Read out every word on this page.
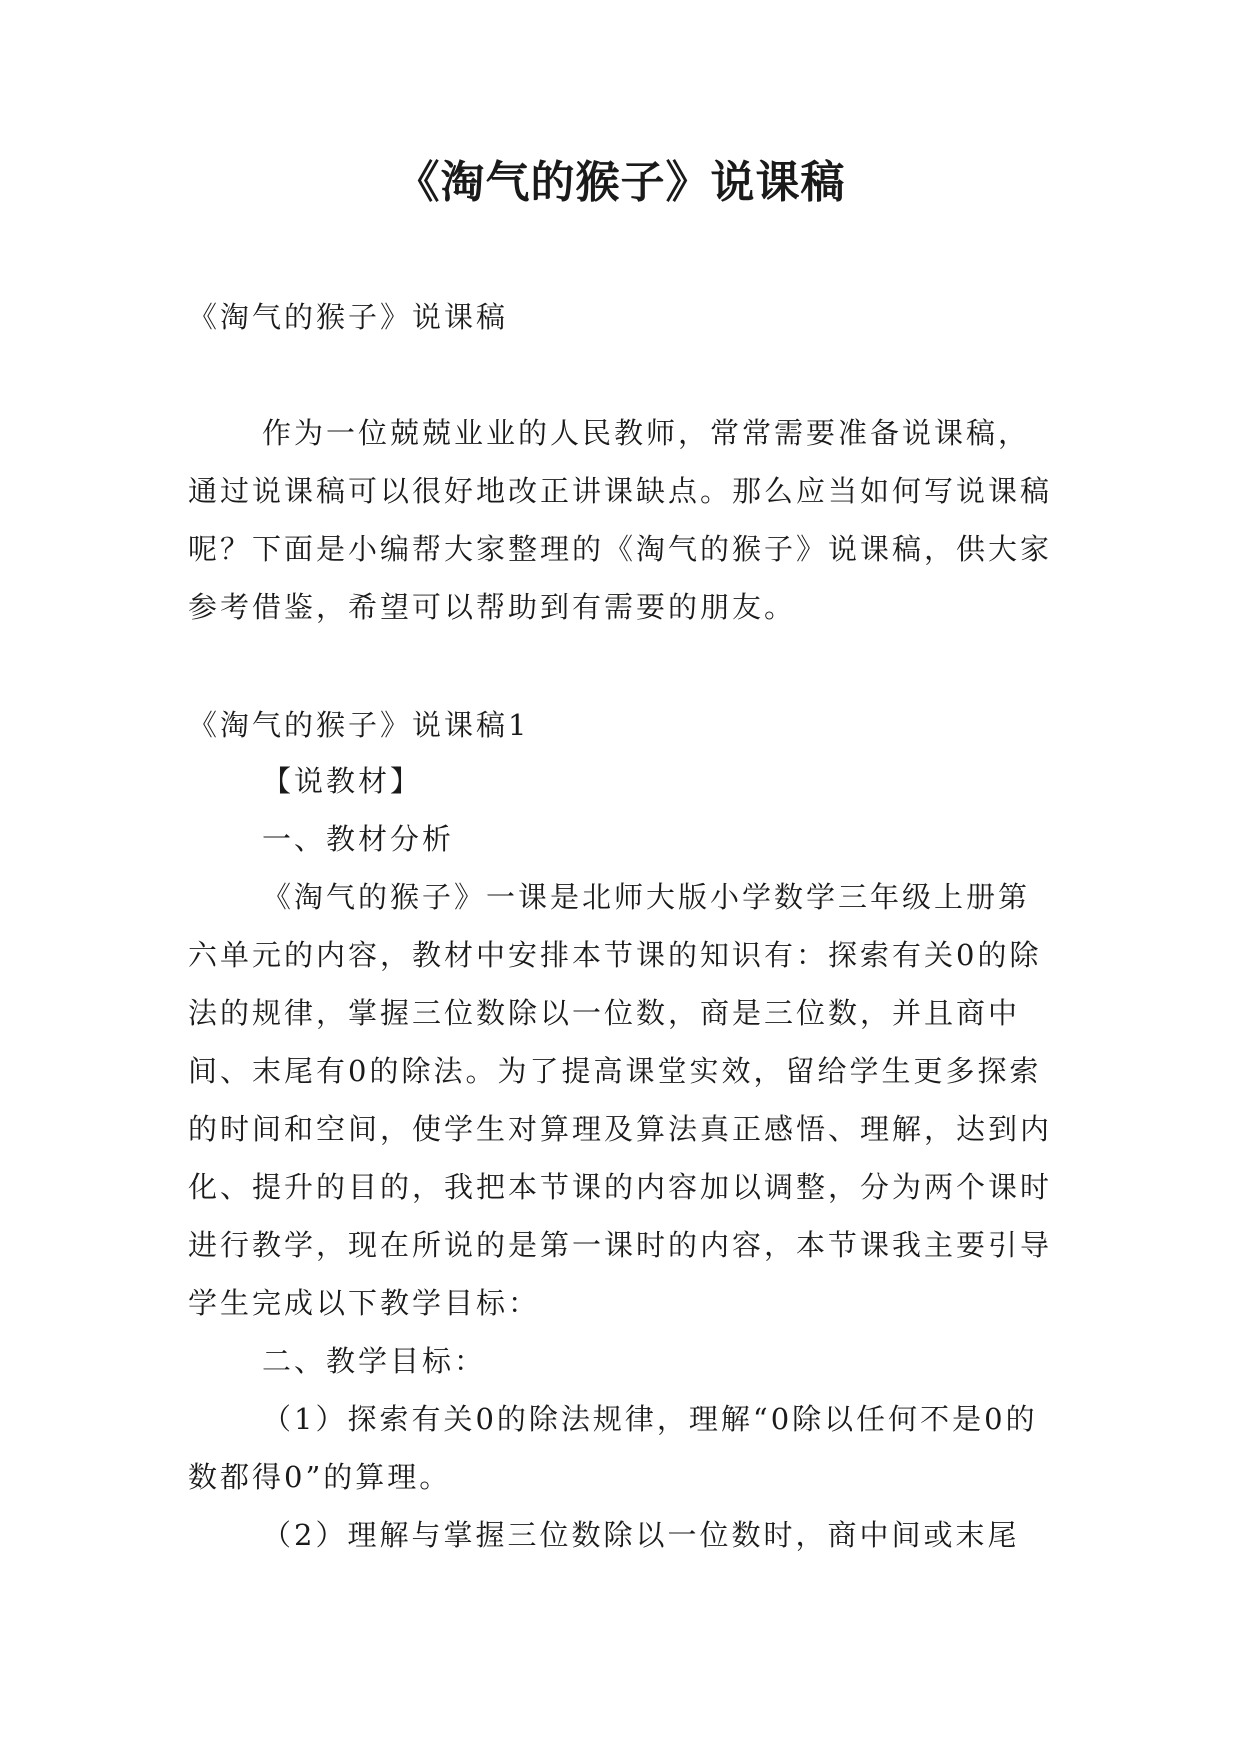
《淘气的猴子》说课稿

《淘气的猴子》说课稿

作为一位兢兢业业的人民教师，常常需要准备说课稿，通过说课稿可以很好地改正讲课缺点。那么应当如何写说课稿呢？下面是小编帮大家整理的《淘气的猴子》说课稿，供大家参考借鉴，希望可以帮助到有需要的朋友。

《淘气的猴子》说课稿1

【说教材】

一、教材分析

《淘气的猴子》一课是北师大版小学数学三年级上册第六单元的内容，教材中安排本节课的知识有：探索有关0的除法的规律，掌握三位数除以一位数，商是三位数，并且商中间、末尾有0的除法。为了提高课堂实效，留给学生更多探索的时间和空间，使学生对算理及算法真正感悟、理解，达到内化、提升的目的，我把本节课的内容加以调整，分为两个课时进行教学，现在所说的是第一课时的内容，本节课我主要引导学生完成以下教学目标：

二、教学目标：

（1）探索有关0的除法规律，理解“0除以任何不是0的数都得0”的算理。

（2）理解与掌握三位数除以一位数时，商中间或末尾
